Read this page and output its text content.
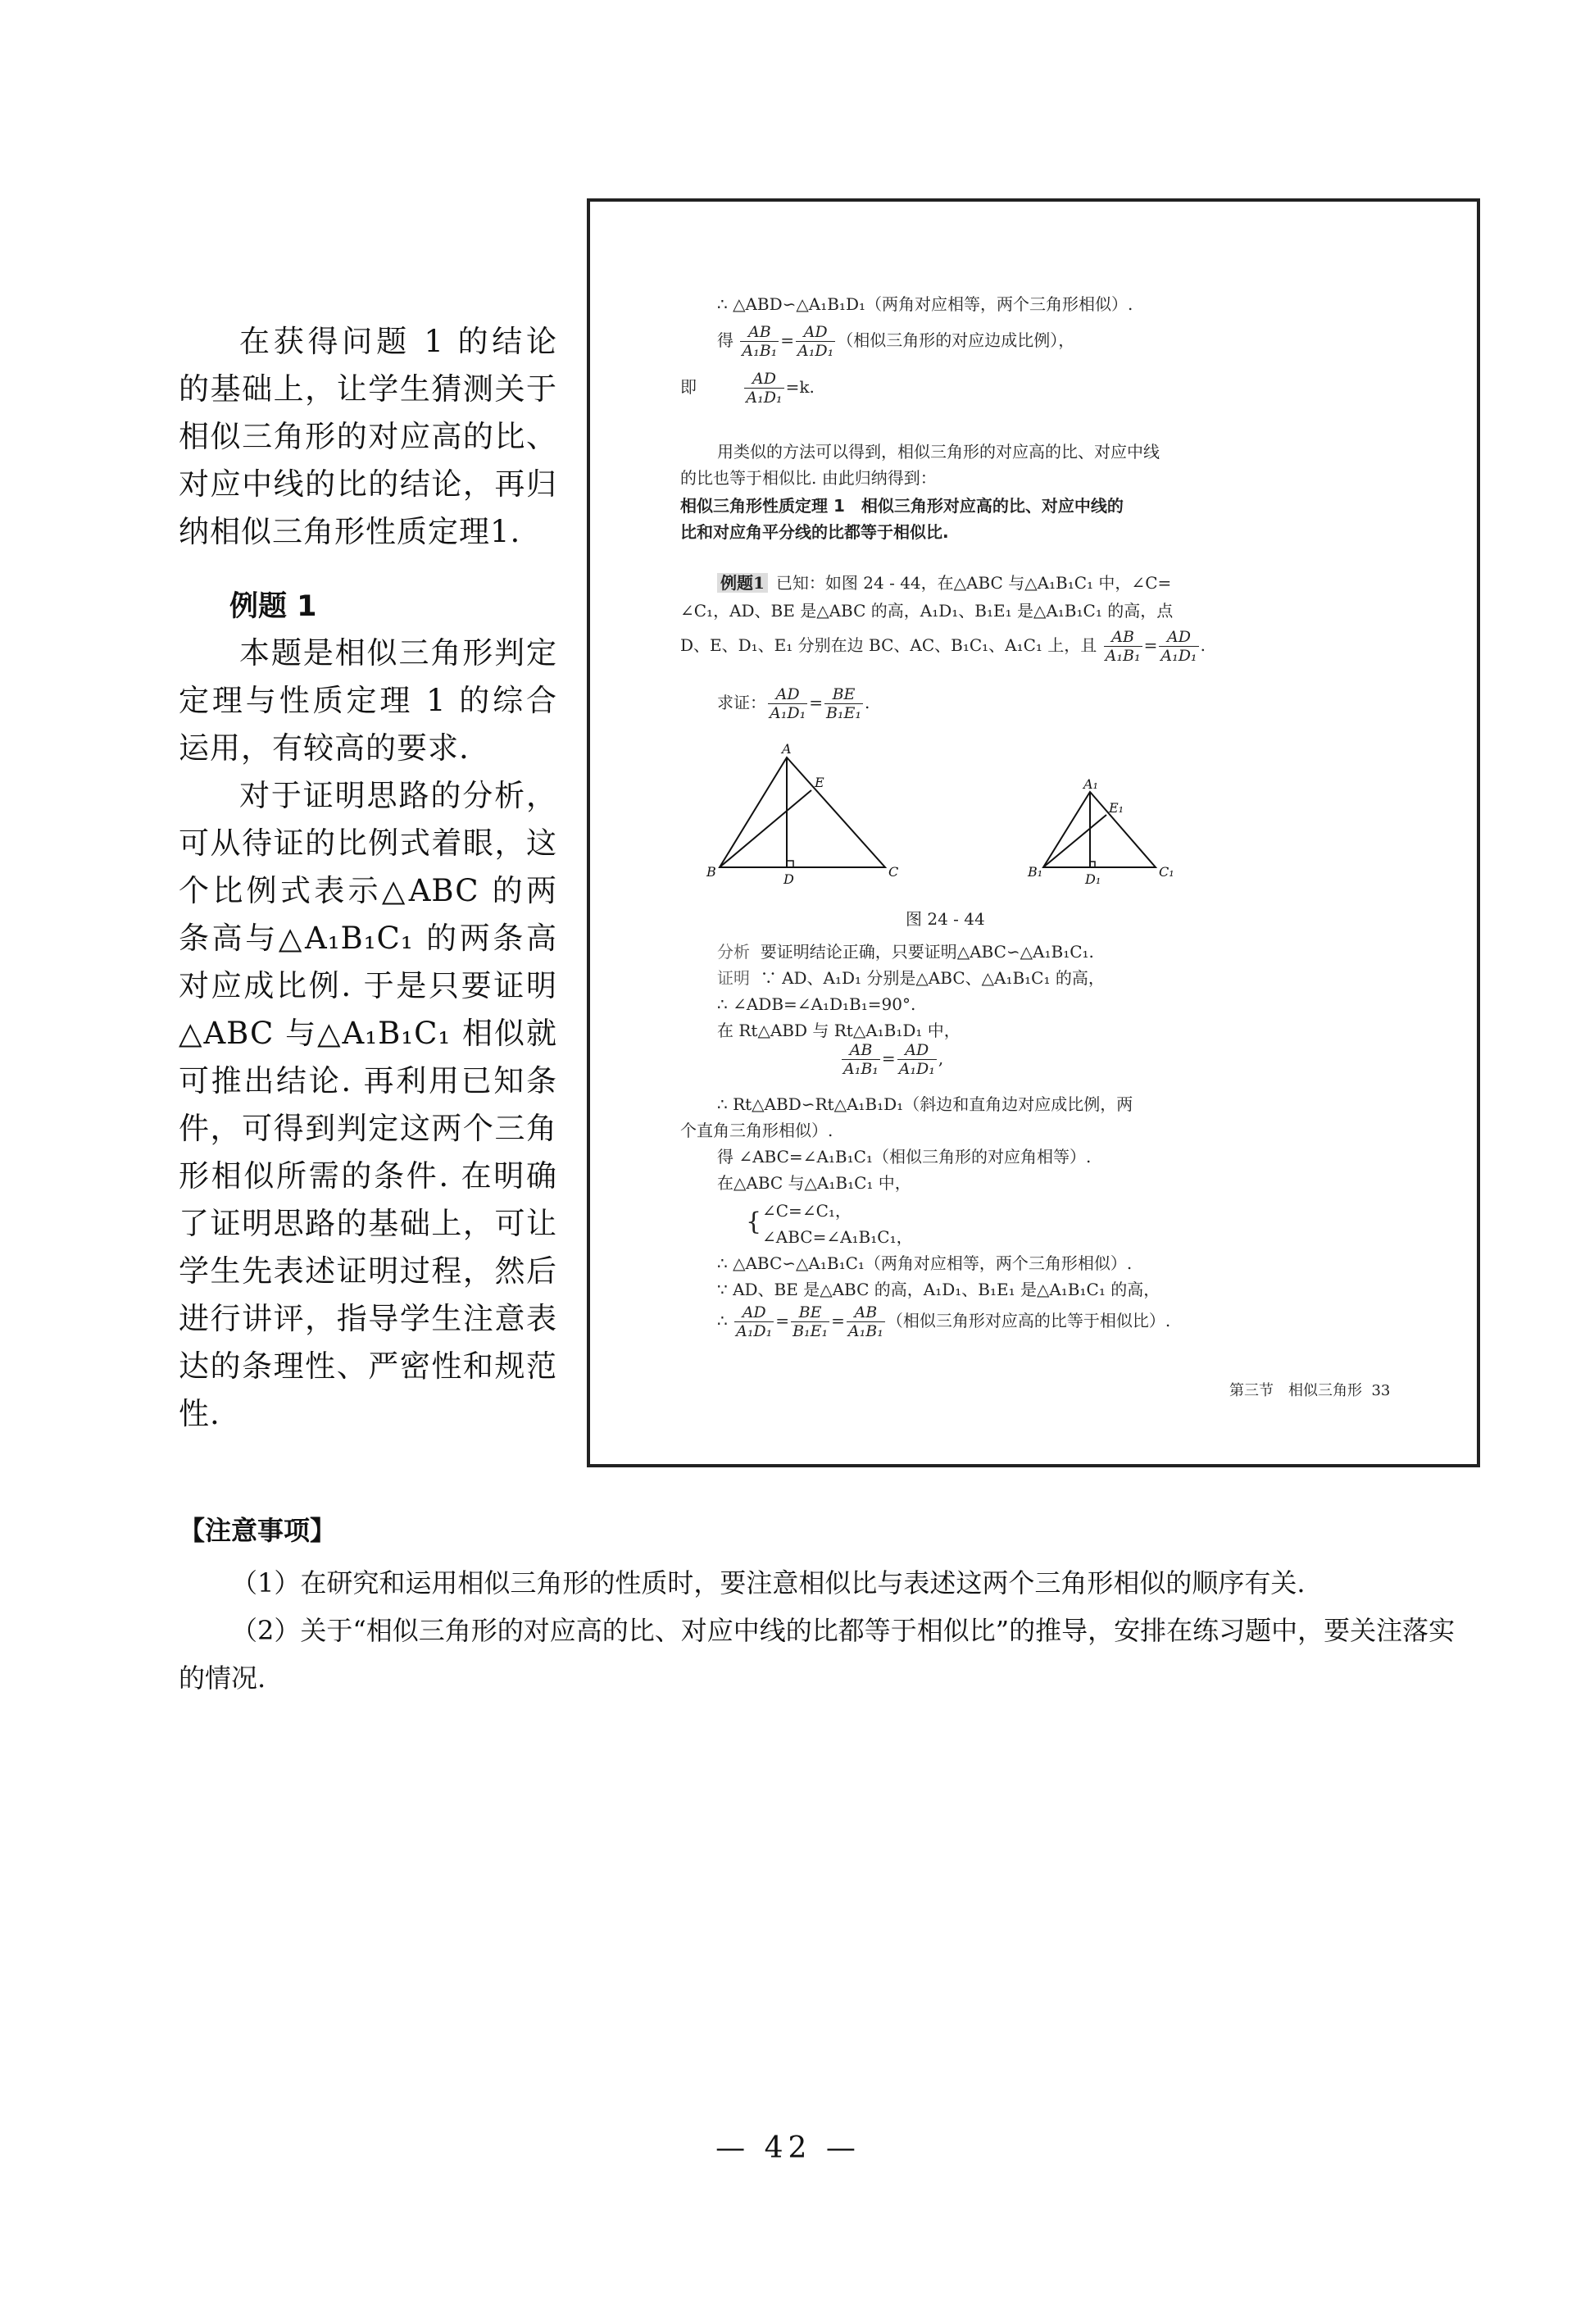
在获得问题 1 的结论的基础上，让学生猜测关于相似三角形的对应高的比、对应中线的比的结论，再归纳相似三角形性质定理1.

例题 1

本题是相似三角形判定定理与性质定理 1 的综合运用，有较高的要求.

对于证明思路的分析，可从待证的比例式着眼，这个比例式表示△ABC 的两条高与△A₁B₁C₁ 的两条高对应成比例. 于是只要证明△ABC 与△A₁B₁C₁ 相似就可推出结论. 再利用已知条件，可得到判定这两个三角形相似所需的条件. 在明确了证明思路的基础上，可让学生先表述证明过程，然后进行讲评，指导学生注意表达的条理性、严密性和规范性.

∴ △ABD∽△A₁B₁D₁（两角对应相等，两个三角形相似）.
得 $\frac{AB}{\text{A₁B₁}} = \frac{AD}{\text{A₁D₁}}$ （相似三角形的对应边成比例），
即	$\frac{AD}{\text{A₁D₁}} =k$.
用类似的方法可以得到，相似三角形的对应高的比、对应中线
的比也等于相似比. 由此归纳得到：
相似三角形性质定理 1　相似三角形对应高的比、对应中线的
比和对应角平分线的比都等于相似比.
例题1 已知：如图 24 - 44，在△ABC 与△A₁B₁C₁ 中，∠C=
∠C₁，AD、BE 是△ABC 的高，A₁D₁、B₁E₁ 是△A₁B₁C₁ 的高，点
D、E、D₁、E₁ 分别在边 BC、AC、B₁C₁、A₁C₁ 上，且 $\frac{AB}{\text{A₁B₁}} = \frac{AD}{\text{A₁D₁}}$ .
求证： $\frac{AD}{\text{A₁D₁}} = \frac{BE}{\text{B₁E₁}}$ .
A
B	C
D
E	A₁
B₁	C₁
D₁
E₁
图 24 - 44
分析 要证明结论正确，只要证明△ABC∽△A₁B₁C₁.
证明 ∵ AD、A₁D₁ 分别是△ABC、△A₁B₁C₁ 的高，
∴ ∠ADB=∠A₁D₁B₁=90°.
在 Rt△ABD 与 Rt△A₁B₁D₁ 中，
$\frac{AB}{\text{A₁B₁}} = \frac{AD}{\text{A₁D₁}}$ ,
∴ Rt△ABD∽Rt△A₁B₁D₁（斜边和直角边对应成比例，两
个直角三角形相似）.
得 ∠ABC=∠A₁B₁C₁（相似三角形的对应角相等）.
在△ABC 与△A₁B₁C₁ 中，
{ ∠C=∠C₁，
∠ABC=∠A₁B₁C₁，
∴ △ABC∽△A₁B₁C₁（两角对应相等，两个三角形相似）.
∵ AD、BE 是△ABC 的高，A₁D₁、B₁E₁ 是△A₁B₁C₁ 的高，
∴ $\frac{AD}{\text{A₁D₁}} = \frac{BE}{\text{B₁E₁}} = \frac{AB}{\text{A₁B₁}}$ （相似三角形对应高的比等于相似比）.
第三节　相似三角形 33
【注意事项】

（1）在研究和运用相似三角形的性质时，要注意相似比与表述这两个三角形相似的顺序有关.

（2）关于“相似三角形的对应高的比、对应中线的比都等于相似比”的推导，安排在练习题中，要关注落实的情况.

— 42 —
